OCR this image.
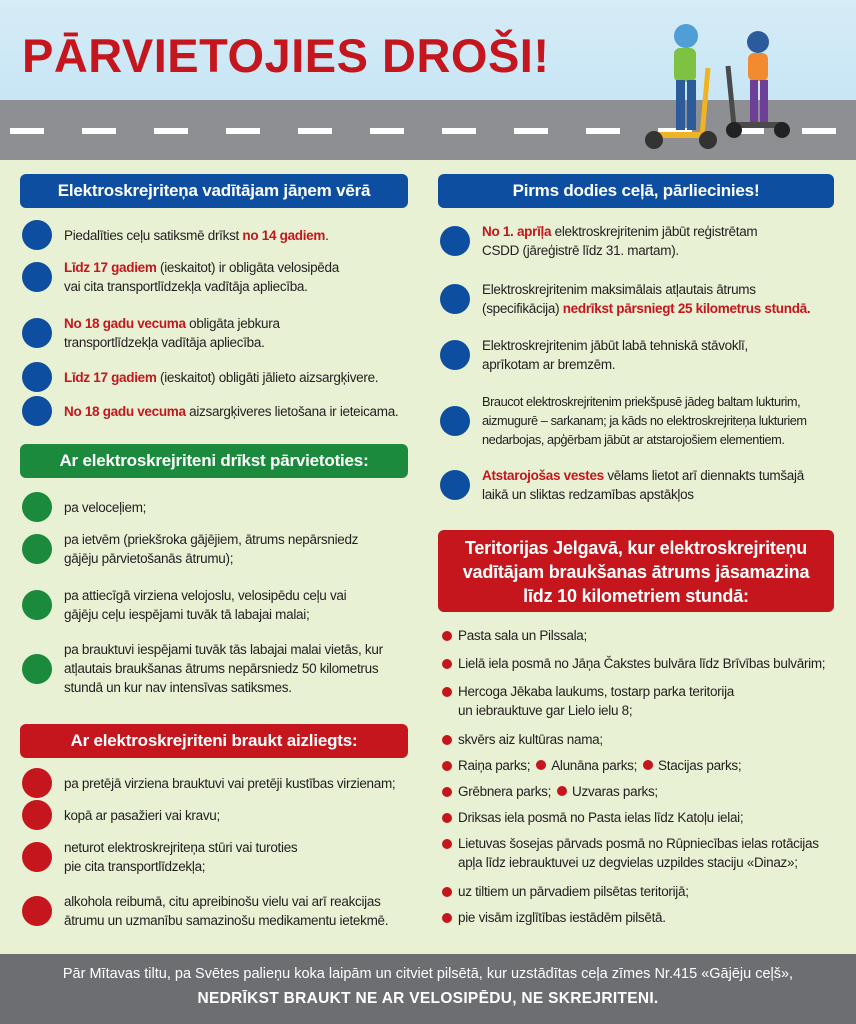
PĀRVIETOJIES DROŠI!
Elektroskrejriteņa vadītājam jāņem vērā
Piedalīties ceļu satiksmē drīkst no 14 gadiem.
Līdz 17 gadiem (ieskaitot) ir obligāta velosipēda
vai cita transportlīdzekļa vadītāja apliecība.
No 18 gadu vecuma obligāta jebkura
transportlīdzekļa vadītāja apliecība.
Līdz 17 gadiem (ieskaitot) obligāti jālieto aizsargķivere.
No 18 gadu vecuma aizsargķiveres lietošana ir ieteicama.
Ar elektroskrejriteni drīkst pārvietoties:
pa veloceļiem;
pa ietvēm (priekšroka gājējiem, ātrums nepārsniedz
gājēju pārvietošanās ātrumu);
pa attiecīgā virziena velojoslu, velosipēdu ceļu vai
gājēju ceļu iespējami tuvāk tā labajai malai;
pa brauktuvi iespējami tuvāk tās labajai malai vietās, kur
atļautais braukšanas ātrums nepārsniedz 50 kilometrus
stundā un kur nav intensīvas satiksmes.
Ar elektroskrejriteni braukt aizliegts:
pa pretējā virziena brauktuvi vai pretēji kustības virzienam;
kopā ar pasažieri vai kravu;
neturot elektroskrejriteņa stūri vai turoties
pie cita transportlīdzekļa;
alkohola reibumā, citu apreibinošu vielu vai arī reakcijas
ātrumu un uzmanību samazinošu medikamentu ietekmē.
Pirms dodies ceļā, pārliecinies!
No 1. aprīļa elektroskrejritenim jābūt reģistrētam
CSDD (jāreģistrē līdz 31. martam).
Elektroskrejritenim maksimālais atļautais ātrums
(specifikācija) nedrīkst pārsniegt 25 kilometrus stundā.
Elektroskrejritenim jābūt labā tehniskā stāvoklī,
aprīkotam ar bremzēm.
Braucot elektroskrejritenim priekšpusē jādeg baltam lukturim,
aizmugurē – sarkanam; ja kāds no elektroskrejriteņa lukturiem
nedarbojas, apģērbam jābūt ar atstarojošiem elementiem.
Atstarojošas vestes vēlams lietot arī diennakts tumšajā
laikā un sliktas redzamības apstākļos
Teritorijas Jelgavā, kur elektroskrejriteņu
vadītājam braukšanas ātrums jāsamazina
līdz 10 kilometriem stundā:
Pasta sala un Pilssala;
Lielā iela posmā no Jāņa Čakstes bulvāra līdz Brīvības bulvārim;
Hercoga Jēkaba laukums, tostarp parka teritorija
un iebrauktuve gar Lielo ielu 8;
skvērs aiz kultūras nama;
Raiņa parks; Alunāna parks; Stacijas parks;
Grēbnera parks; Uzvaras parks;
Driksas iela posmā no Pasta ielas līdz Katoļu ielai;
Lietuvas šosejas pārvads posmā no Rūpniecības ielas rotācijas
apļa līdz iebrauktuvei uz degvielas uzpildes staciju «Dinaz»;
uz tiltiem un pārvadiem pilsētas teritorijā;
pie visām izglītības iestādēm pilsētā.
Pār Mītavas tiltu, pa Svētes palieņu koka laipām un citviet pilsētā, kur uzstādītas ceļa zīmes Nr.415 «Gājēju ceļš»,
NEDRĪKST BRAUKT NE AR VELOSIPĒDU, NE SKREJRITENI.
